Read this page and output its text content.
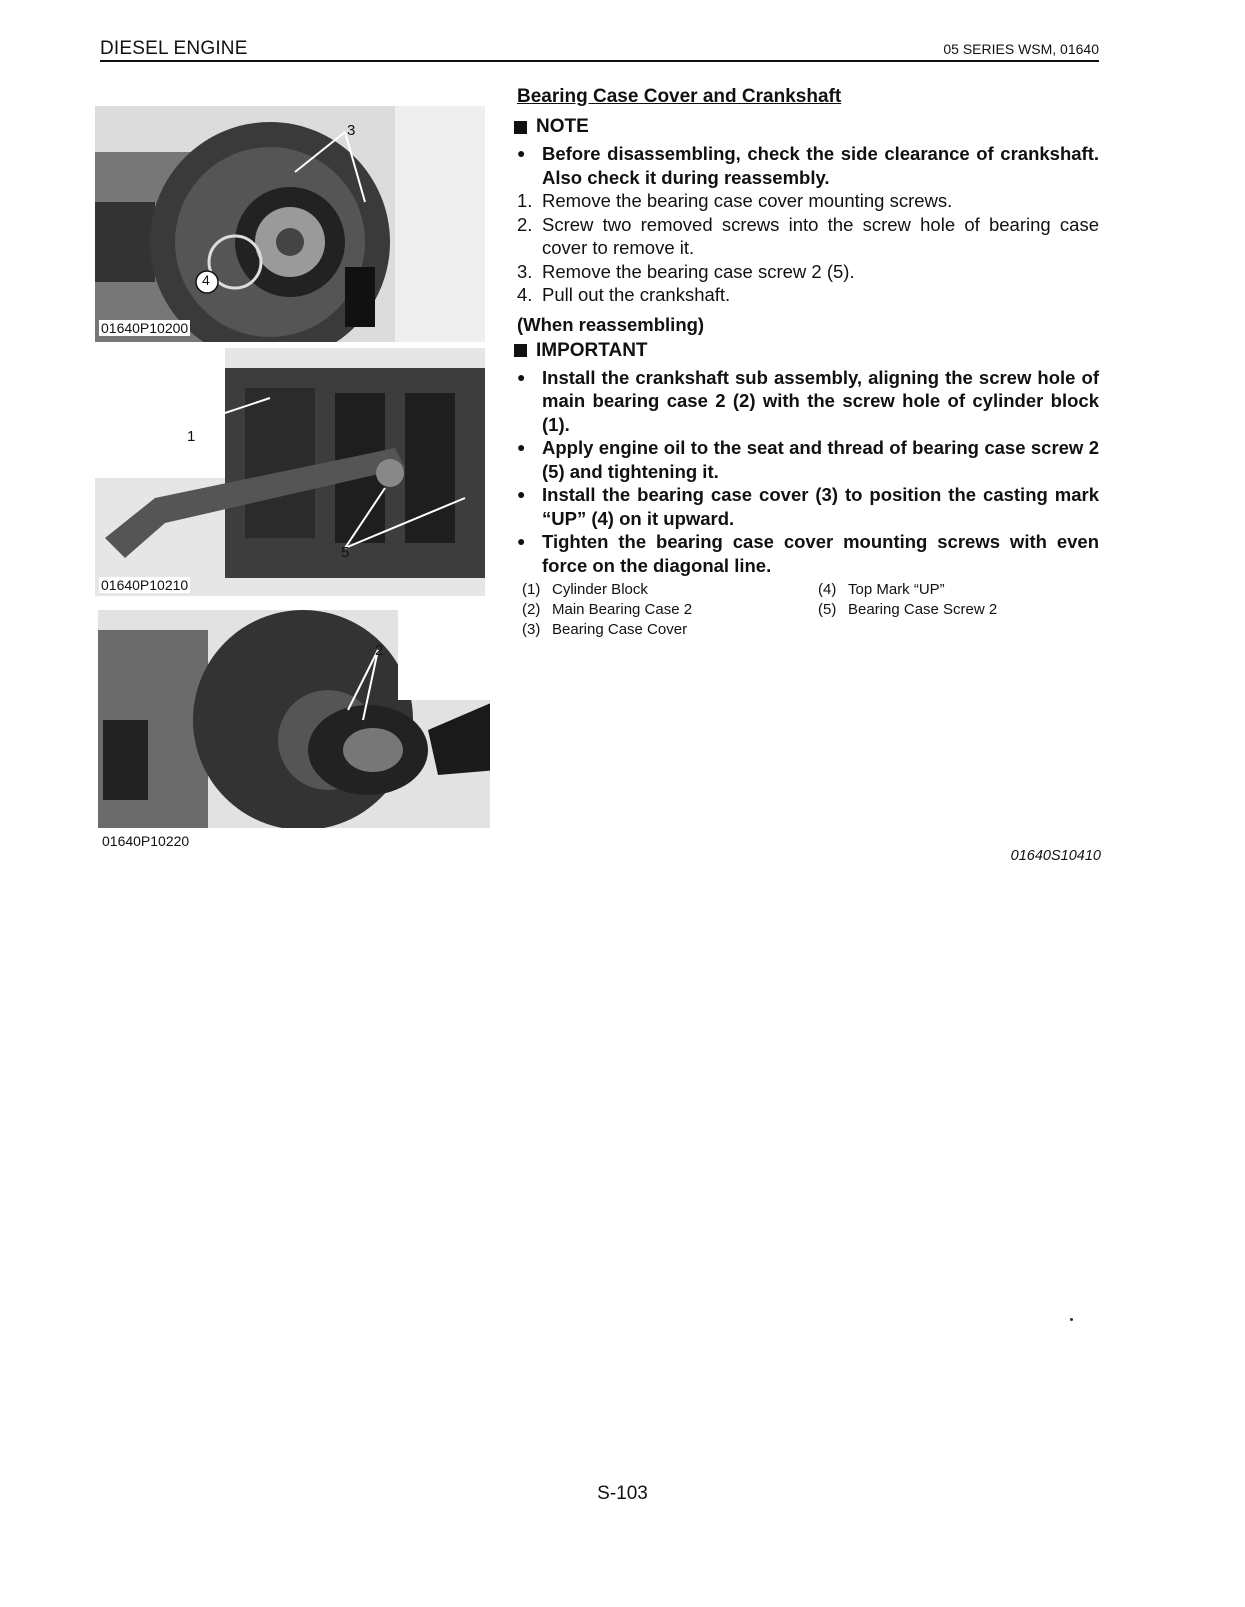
DIESEL ENGINE	05 SERIES WSM, 01640
3
4
01640P10200
1
5
01640P10210
2
01640P10220
Bearing Case Cover and Crankshaft
NOTE

● Before disassembling, check the side clearance of crankshaft. Also check it during reassembly.

1. Remove the bearing case cover mounting screws.

2. Screw two removed screws into the screw hole of bearing case cover to remove it.

3. Remove the bearing case screw 2 (5).

4. Pull out the crankshaft.

(When reassembling)
IMPORTANT

● Install the crankshaft sub assembly, aligning the screw hole of main bearing case 2 (2) with the screw hole of cylinder block (1).

● Apply engine oil to the seat and thread of bearing case screw 2 (5) and tightening it.

● Install the bearing case cover (3) to position the casting mark “UP” (4) on it upward.

● Tighten the bearing case cover mounting screws with even force on the diagonal line.

(1) Cylinder Block
(2) Main Bearing Case 2
(3) Bearing Case Cover
(4) Top Mark “UP”
(5) Bearing Case Screw 2
01640S10410
S-103
